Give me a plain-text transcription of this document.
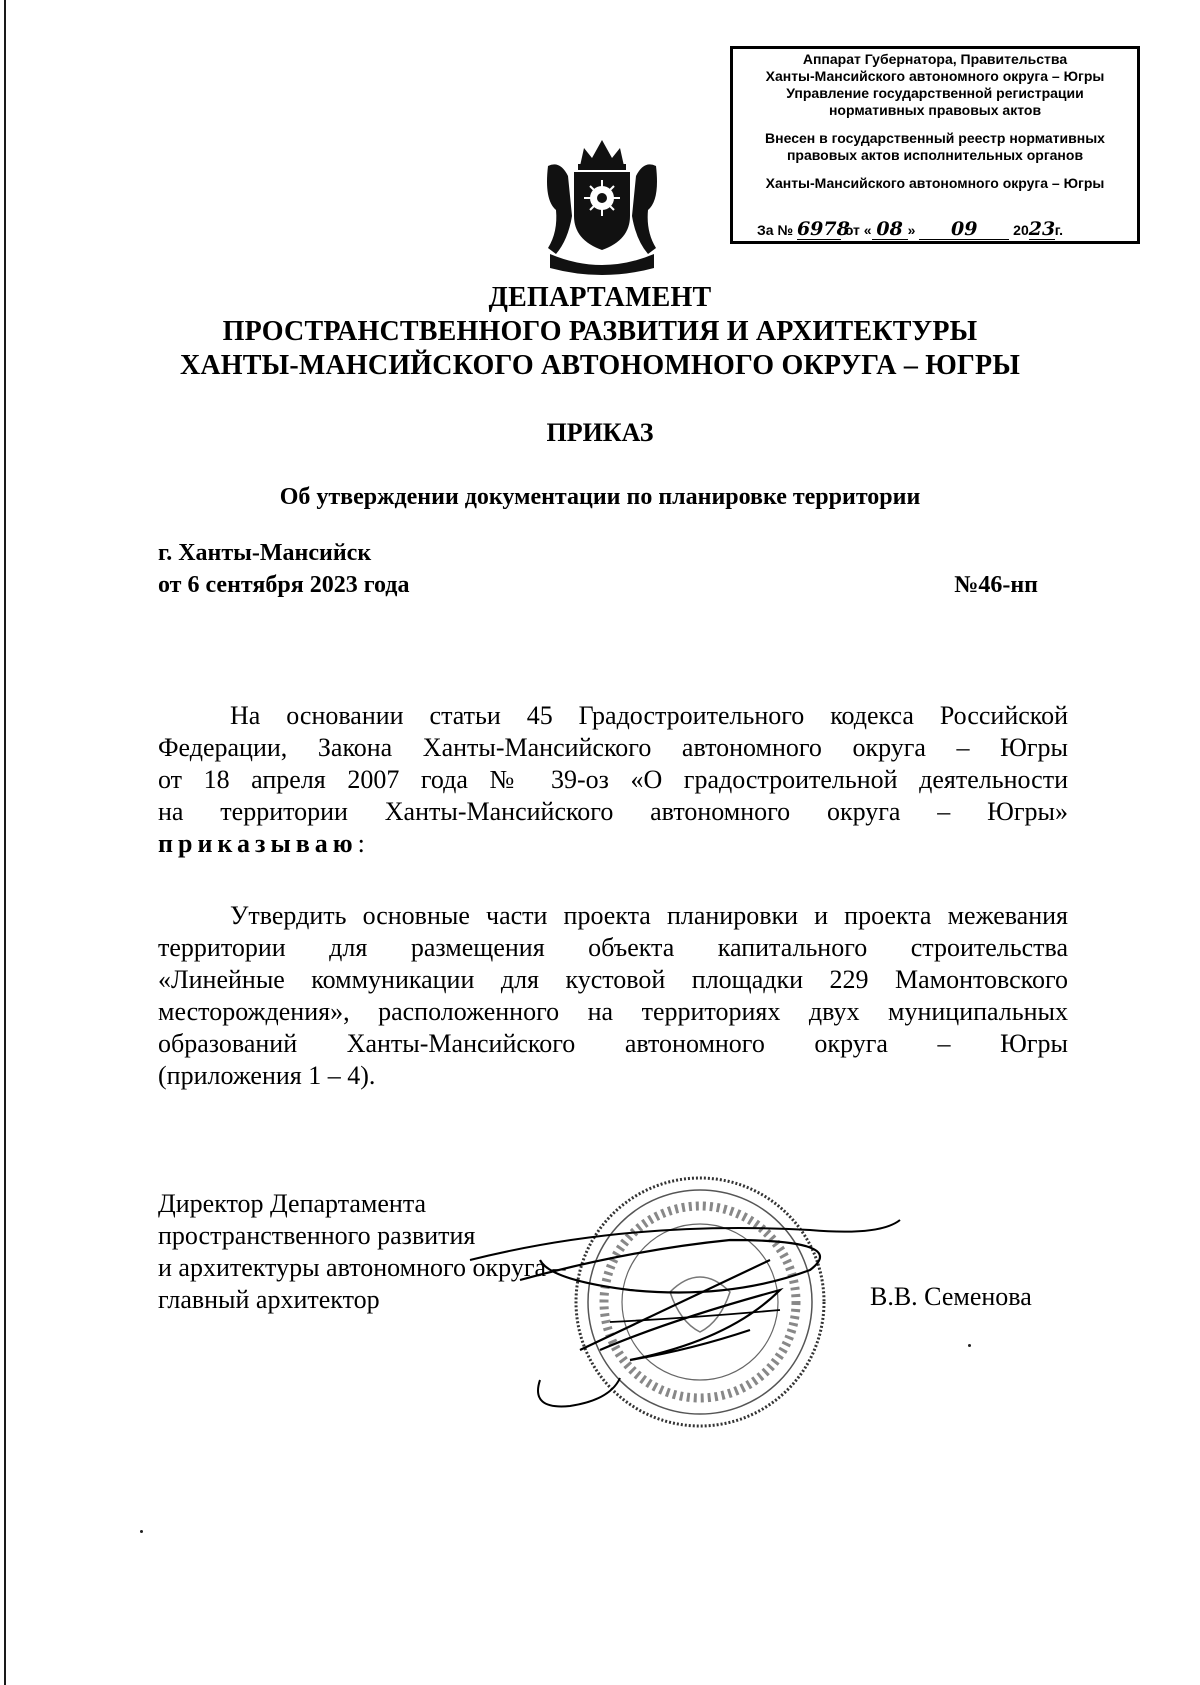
Аппарат Губернатора, Правительства
Ханты-Мансийского автономного округа – Югры
Управление государственной регистрации
нормативных правовых актов
Внесен в государственный реестр нормативных
правовых актов исполнительных органов
Ханты-Мансийского автономного округа – Югры
За № 6978 от « 08 » 09	2023г.
ДЕПАРТАМЕНТ
ПРОСТРАНСТВЕННОГО РАЗВИТИЯ И АРХИТЕКТУРЫ
ХАНТЫ-МАНСИЙСКОГО АВТОНОМНОГО ОКРУГА – ЮГРЫ
ПРИКАЗ
Об утверждении документации по планировке территории
г. Ханты-Мансийск
от 6 сентября 2023 года	№46-нп
На основании статьи 45 Градостроительного кодекса Российской
Федерации, Закона Ханты-Мансийского автономного округа – Югры
от 18 апреля 2007 года № 39-оз «О градостроительной деятельности
на территории Ханты-Мансийского автономного округа – Югры»
приказываю:
Утвердить основные части проекта планировки и проекта межевания
территории для размещения объекта капитального строительства
«Линейные коммуникации для кустовой площадки 229 Мамонтовского
месторождения», расположенного на территориях двух муниципальных
образований Ханты-Мансийского автономного округа – Югры
(приложения 1 – 4).
Директор Департамента
пространственного развития
и архитектуры автономного округа –
главный архитектор	В.В. Семенова
